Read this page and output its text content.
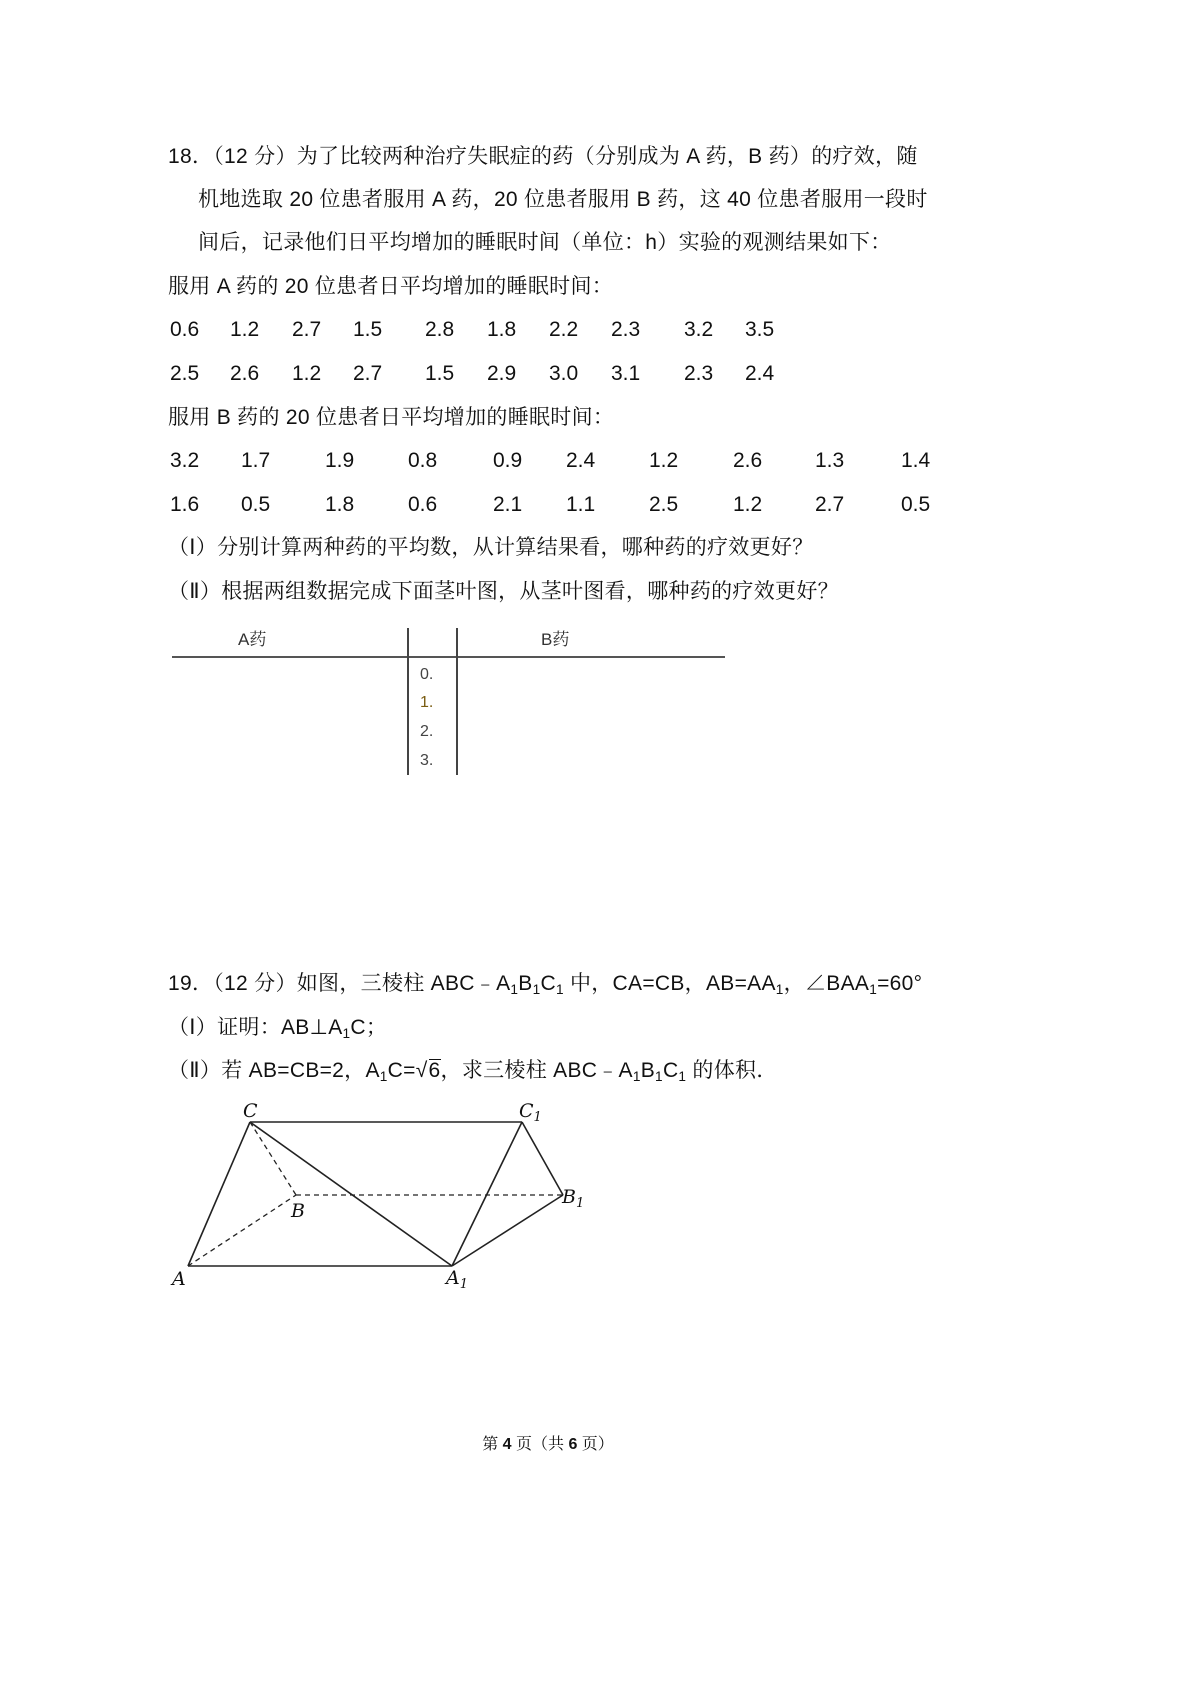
18．（12 分）为了比较两种治疗失眠症的药（分别成为 A 药，B 药）的疗效，随
机地选取 20 位患者服用 A 药，20 位患者服用 B 药，这 40 位患者服用一段时
间后，记录他们日平均增加的睡眠时间（单位：h）实验的观测结果如下：
服用 A 药的 20 位患者日平均增加的睡眠时间：
服用 B 药的 20 位患者日平均增加的睡眠时间：
（Ⅰ）分别计算两种药的平均数，从计算结果看，哪种药的疗效更好？
（Ⅱ）根据两组数据完成下面茎叶图，从茎叶图看，哪种药的疗效更好？
A药	B药
0.
1.
2.
3.
19．（12 分）如图，三棱柱 $ABC﹣A_1B_1C_1$ 中，CA=CB，$AB=AA_1$，$\angle BAA_1=60^\circ$
（Ⅰ）证明：$AB\perp A_1C$；
（Ⅱ）若 AB=CB=2，$A_1C=√6$，求三棱柱 $ABC﹣A_1B_1C_1$ 的体积．
C	$C_1$
B
$B_1$
A	$A_1$
第 4 页（共 6 页）
0.6 1.2 2.7 1.5 2.8 1.8 2.2 2.3 3.2 3.5
2.5 2.6 1.2 2.7 1.5 2.9 3.0 3.1 2.3 2.4
3.2 1.7	1.9	0.8	0.9 2.4	1.2	2.6	1.3	1.4
1.6 0.5	1.8	0.6	2.1 1.1	2.5	1.2	2.7	0.5
